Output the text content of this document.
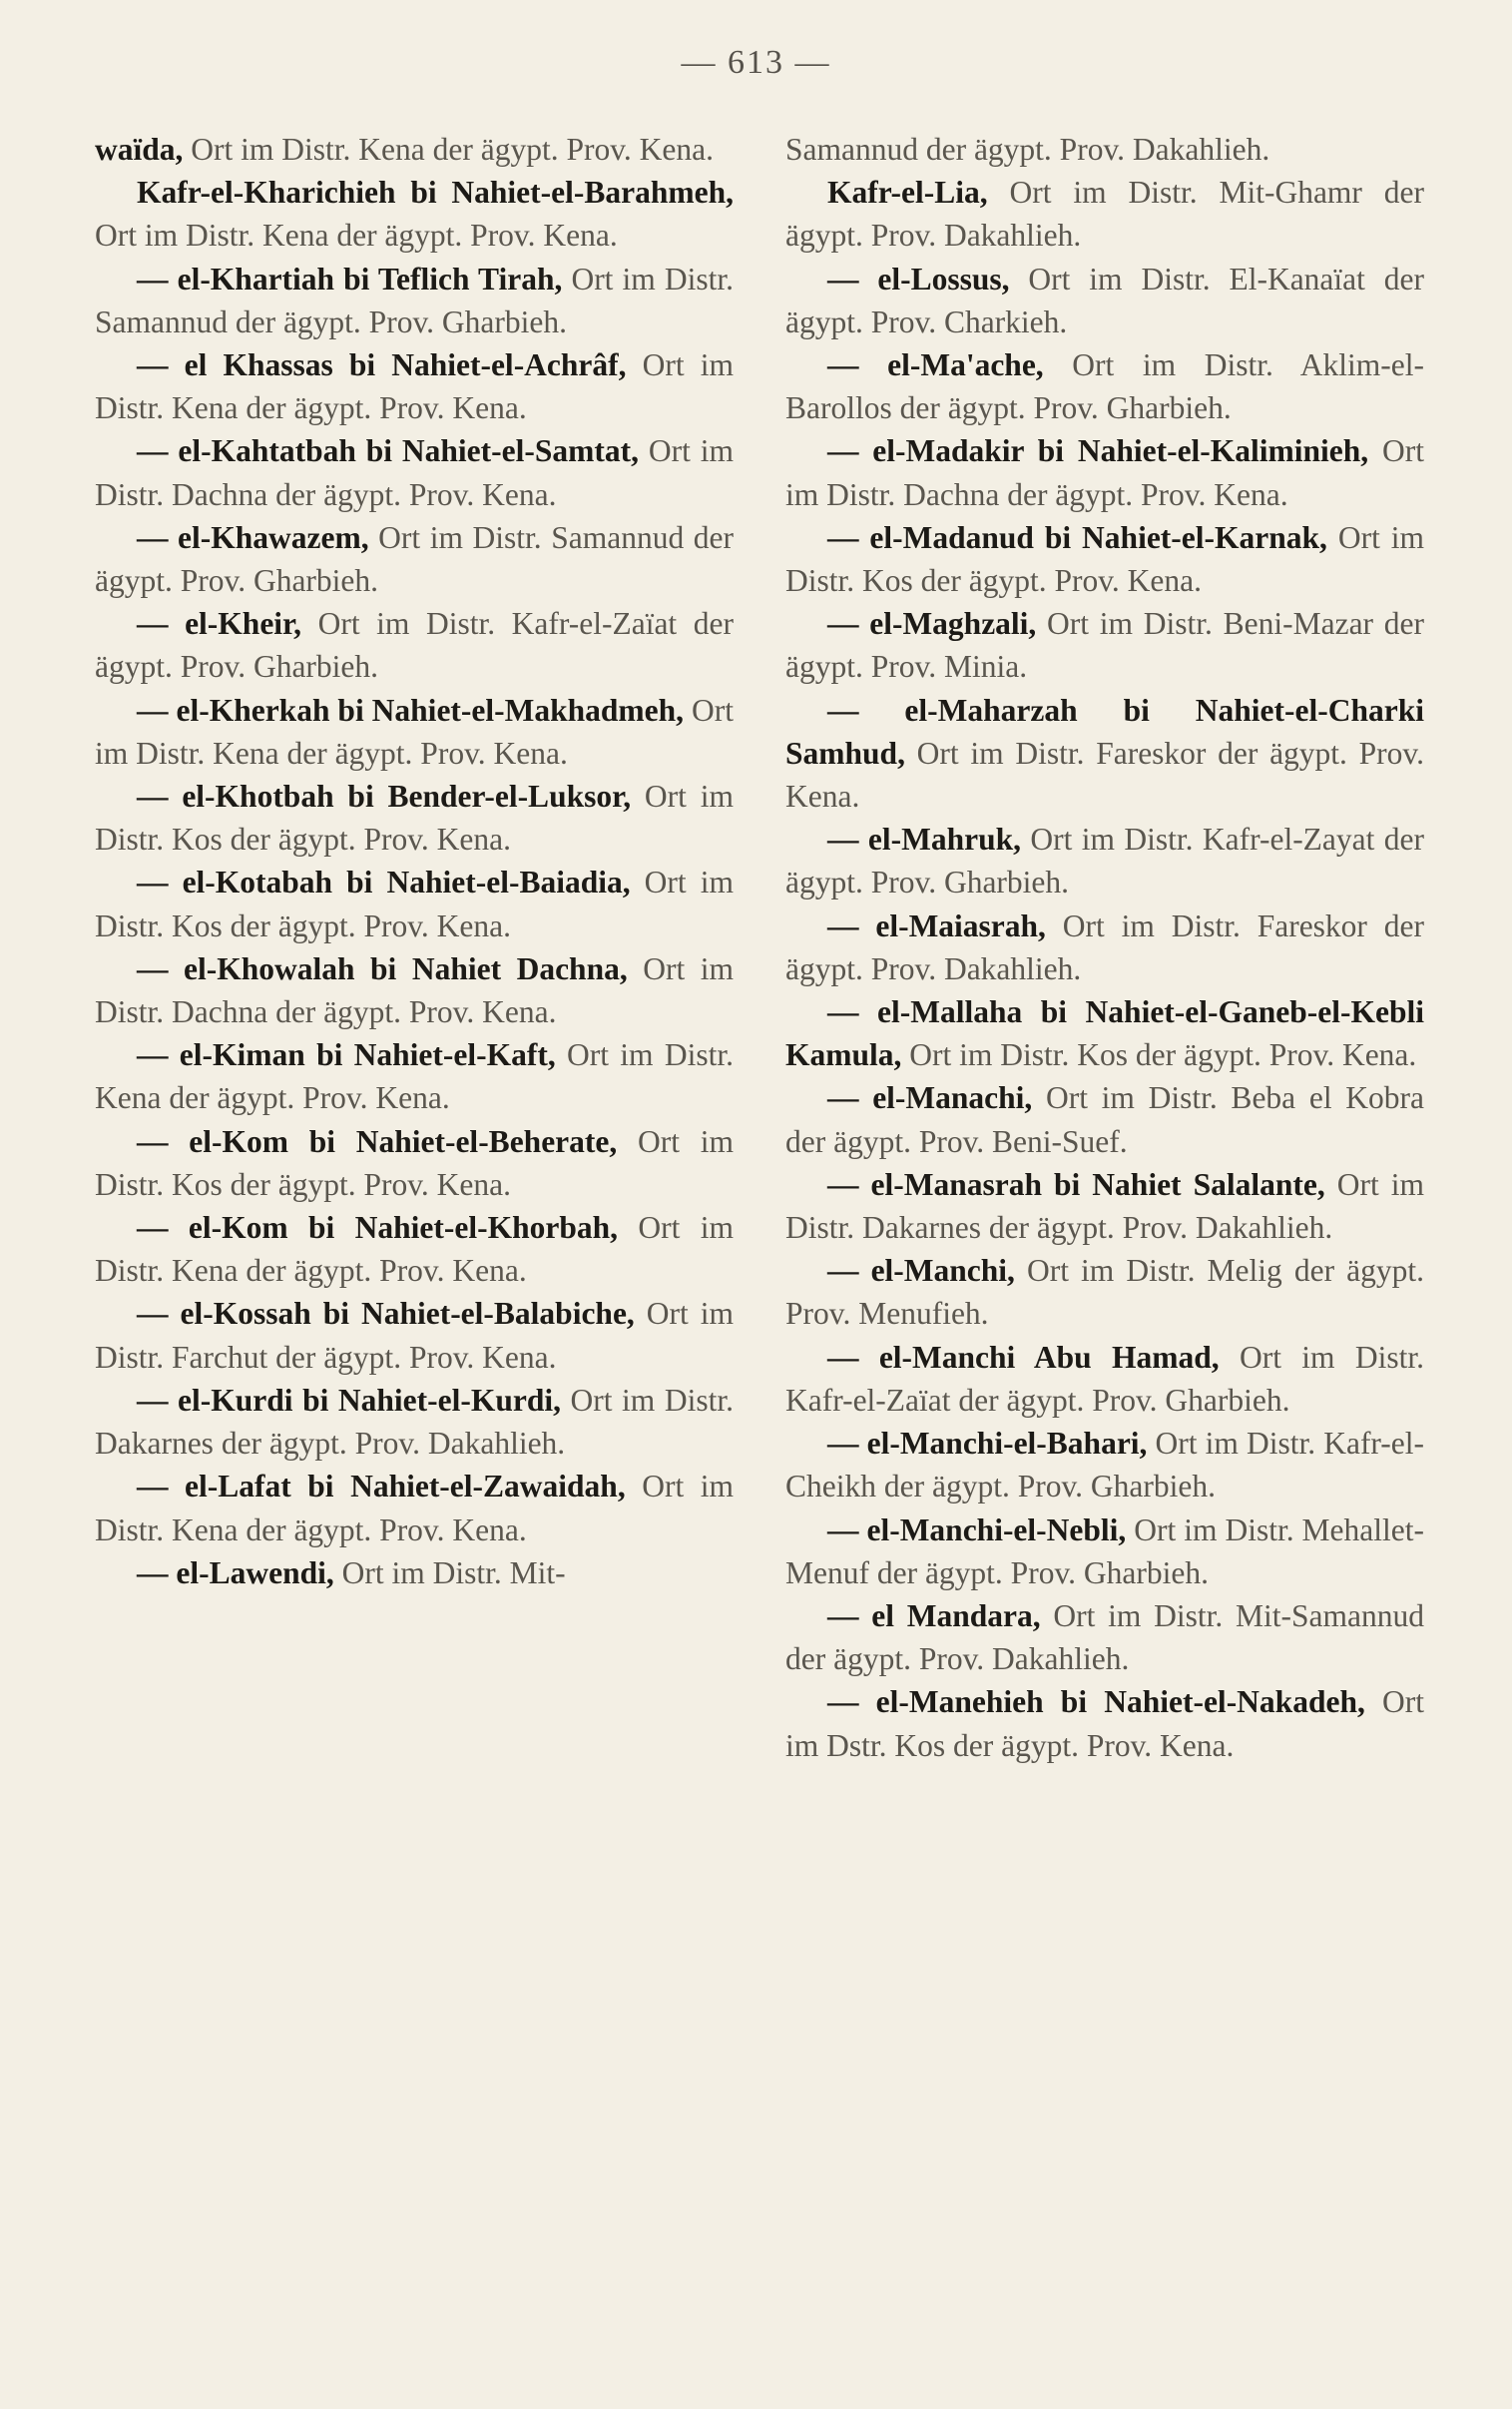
— 613 —

waïda, Ort im Distr. Kena der ägypt. Prov. Kena.

Kafr-el-Kharichieh bi Nahiet-el-Barahmeh, Ort im Distr. Kena der ägypt. Prov. Kena.

— el-Khartiah bi Teflich Tirah, Ort im Distr. Samannud der ägypt. Prov. Gharbieh.

— el Khassas bi Nahiet-el-Achrâf, Ort im Distr. Kena der ägypt. Prov. Kena.

— el-Kahtatbah bi Nahiet-el-Samtat, Ort im Distr. Dachna der ägypt. Prov. Kena.

— el-Khawazem, Ort im Distr. Samannud der ägypt. Prov. Gharbieh.

— el-Kheir, Ort im Distr. Kafr-el-Zaïat der ägypt. Prov. Gharbieh.

— el-Kherkah bi Nahiet-el-Makhadmeh, Ort im Distr. Kena der ägypt. Prov. Kena.

— el-Khotbah bi Bender-el-Luksor, Ort im Distr. Kos der ägypt. Prov. Kena.

— el-Kotabah bi Nahiet-el-Baiadia, Ort im Distr. Kos der ägypt. Prov. Kena.

— el-Khowalah bi Nahiet Dachna, Ort im Distr. Dachna der ägypt. Prov. Kena.

— el-Kiman bi Nahiet-el-Kaft, Ort im Distr. Kena der ägypt. Prov. Kena.

— el-Kom bi Nahiet-el-Beherate, Ort im Distr. Kos der ägypt. Prov. Kena.

— el-Kom bi Nahiet-el-Khorbah, Ort im Distr. Kena der ägypt. Prov. Kena.

— el-Kossah bi Nahiet-el-Balabiche, Ort im Distr. Farchut der ägypt. Prov. Kena.

— el-Kurdi bi Nahiet-el-Kurdi, Ort im Distr. Dakarnes der ägypt. Prov. Dakahlieh.

— el-Lafat bi Nahiet-el-Zawaidah, Ort im Distr. Kena der ägypt. Prov. Kena.

— el-Lawendi, Ort im Distr. Mit-

Samannud der ägypt. Prov. Dakahlieh.

Kafr-el-Lia, Ort im Distr. Mit-Ghamr der ägypt. Prov. Dakahlieh.

— el-Lossus, Ort im Distr. El-Kanaïat der ägypt. Prov. Charkieh.

— el-Ma'ache, Ort im Distr. Aklim-el-Barollos der ägypt. Prov. Gharbieh.

— el-Madakir bi Nahiet-el-Kaliminieh, Ort im Distr. Dachna der ägypt. Prov. Kena.

— el-Madanud bi Nahiet-el-Karnak, Ort im Distr. Kos der ägypt. Prov. Kena.

— el-Maghzali, Ort im Distr. Beni-Mazar der ägypt. Prov. Minia.

— el-Maharzah bi Nahiet-el-Charki Samhud, Ort im Distr. Fareskor der ägypt. Prov. Kena.

— el-Mahruk, Ort im Distr. Kafr-el-Zayat der ägypt. Prov. Gharbieh.

— el-Maiasrah, Ort im Distr. Fareskor der ägypt. Prov. Dakahlieh.

— el-Mallaha bi Nahiet-el-Ganeb-el-Kebli Kamula, Ort im Distr. Kos der ägypt. Prov. Kena.

— el-Manachi, Ort im Distr. Beba el Kobra der ägypt. Prov. Beni-Suef.

— el-Manasrah bi Nahiet Salalante, Ort im Distr. Dakarnes der ägypt. Prov. Dakahlieh.

— el-Manchi, Ort im Distr. Melig der ägypt. Prov. Menufieh.

— el-Manchi Abu Hamad, Ort im Distr. Kafr-el-Zaïat der ägypt. Prov. Gharbieh.

— el-Manchi-el-Bahari, Ort im Distr. Kafr-el-Cheikh der ägypt. Prov. Gharbieh.

— el-Manchi-el-Nebli, Ort im Distr. Mehallet-Menuf der ägypt. Prov. Gharbieh.

— el Mandara, Ort im Distr. Mit-Samannud der ägypt. Prov. Dakahlieh.

— el-Manehieh bi Nahiet-el-Nakadeh, Ort im Dstr. Kos der ägypt. Prov. Kena.
